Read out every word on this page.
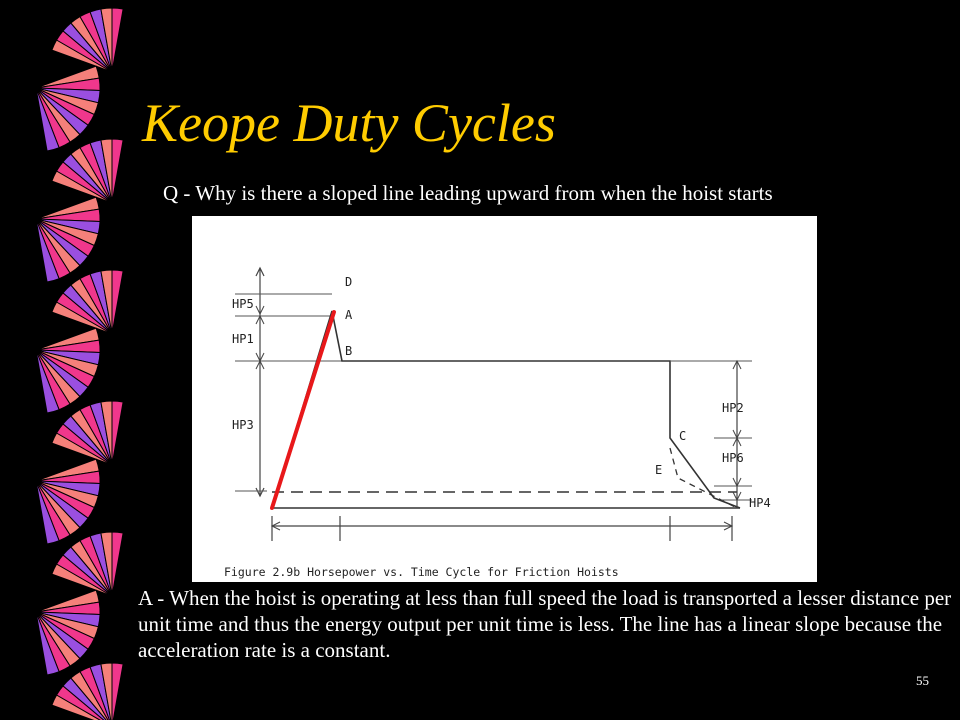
Keope Duty Cycles
Q - Why is there a sloped line leading upward from when the hoist starts
HP5
HP1
HP3
D
A
B
C
E
HP2
HP6
HP4
Figure 2.9b Horsepower vs. Time Cycle for Friction Hoists
A - When the hoist is operating at less than full speed the load is transported a lesser distance per unit time and thus the energy output per unit time is less. The line has a linear slope because the acceleration rate is a constant.
55
